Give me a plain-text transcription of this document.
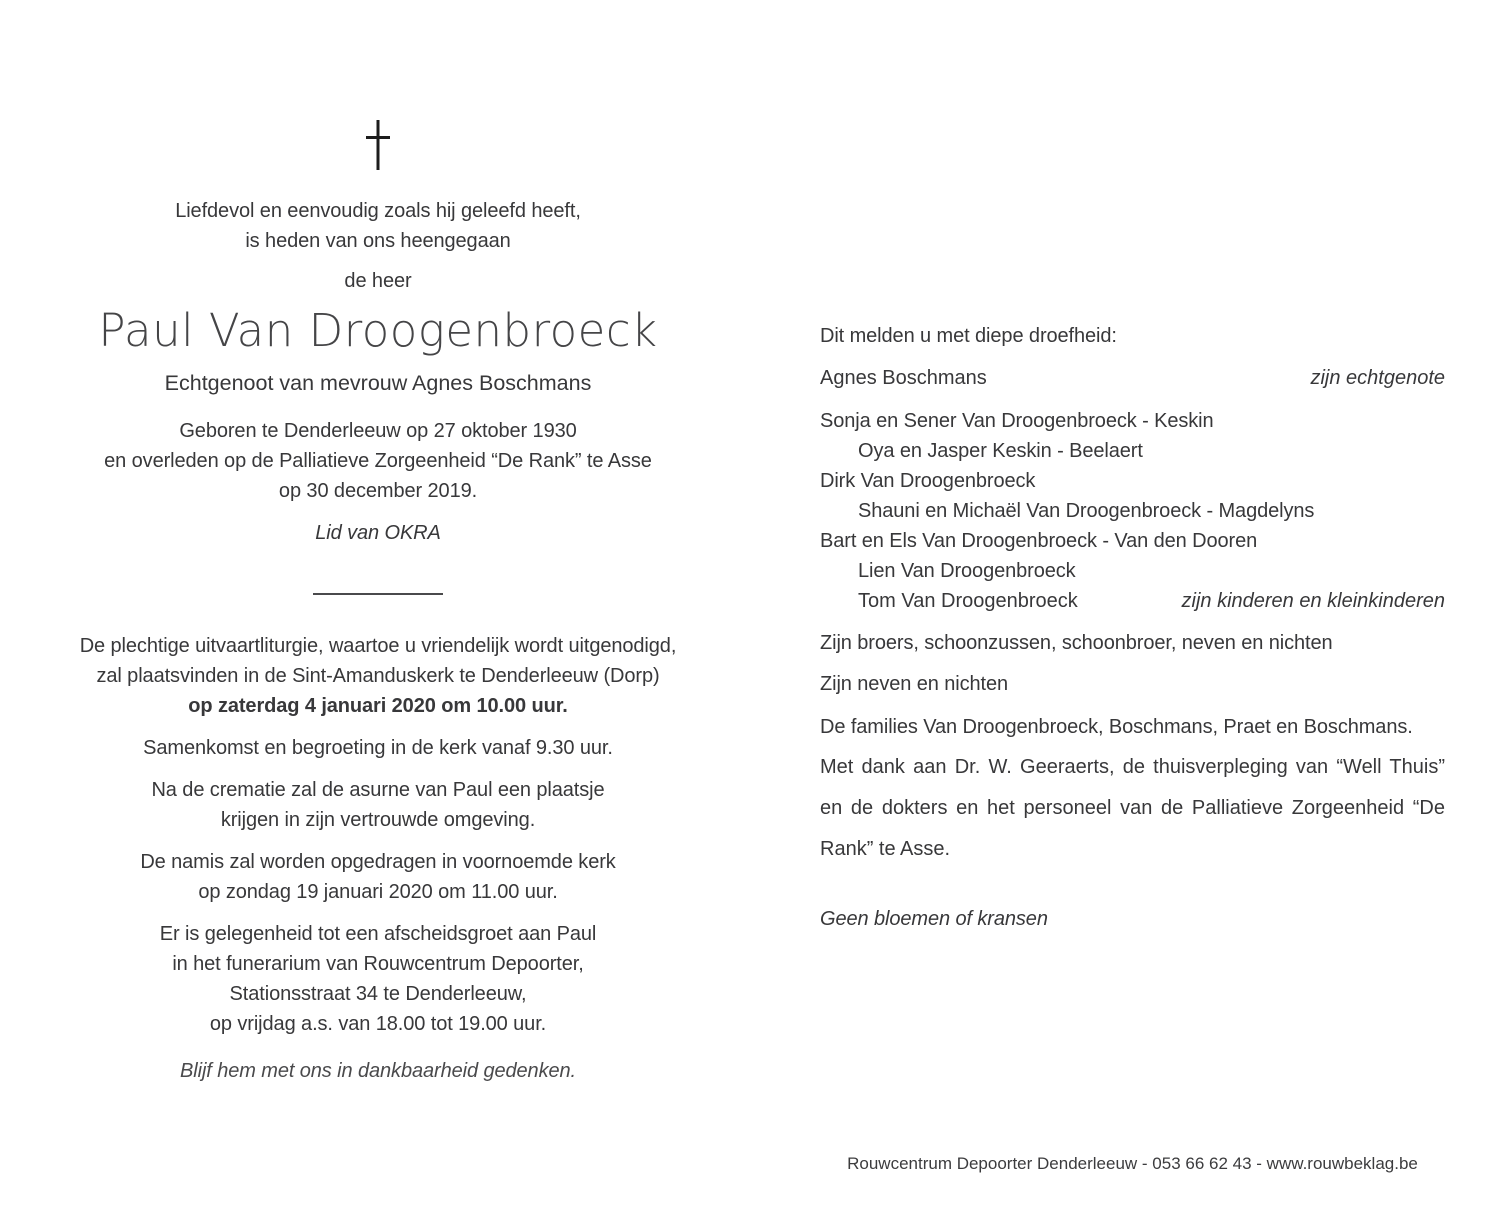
Liefdevol en eenvoudig zoals hij geleefd heeft,
is heden van ons heengegaan
de heer
Paul Van Droogenbroeck
Echtgenoot van mevrouw Agnes Boschmans
Geboren te Denderleeuw op 27 oktober 1930
en overleden op de Palliatieve Zorgeenheid “De Rank” te Asse
op 30 december 2019.
Lid van OKRA
De plechtige uitvaartliturgie, waartoe u vriendelijk wordt uitgenodigd,
zal plaatsvinden in de Sint-Amanduskerk te Denderleeuw (Dorp)
op zaterdag 4 januari 2020 om 10.00 uur.
Samenkomst en begroeting in de kerk vanaf 9.30 uur.
Na de crematie zal de asurne van Paul een plaatsje
krijgen in zijn vertrouwde omgeving.
De namis zal worden opgedragen in voornoemde kerk
op zondag 19 januari 2020 om 11.00 uur.
Er is gelegenheid tot een afscheidsgroet aan Paul
in het funerarium van Rouwcentrum Depoorter,
Stationsstraat 34 te Denderleeuw,
op vrijdag a.s. van 18.00 tot 19.00 uur.
Blijf hem met ons in dankbaarheid gedenken.
Dit melden u met diepe droefheid:
Agnes Boschmans	zijn echtgenote
Sonja en Sener Van Droogenbroeck - Keskin
Oya en Jasper Keskin - Beelaert
Dirk Van Droogenbroeck
Shauni en Michaël Van Droogenbroeck - Magdelyns
Bart en Els Van Droogenbroeck - Van den Dooren
Lien Van Droogenbroeck
Tom Van Droogenbroeck	zijn kinderen en kleinkinderen
Zijn broers, schoonzussen, schoonbroer, neven en nichten
Zijn neven en nichten
De families Van Droogenbroeck, Boschmans, Praet en Boschmans.
Met dank aan Dr. W. Geeraerts, de thuisverpleging van “Well Thuis” en de dokters en het personeel van de Palliatieve Zorgeenheid “De Rank” te Asse.
Geen bloemen of kransen
Rouwcentrum Depoorter Denderleeuw - 053 66 62 43 - www.rouwbeklag.be
